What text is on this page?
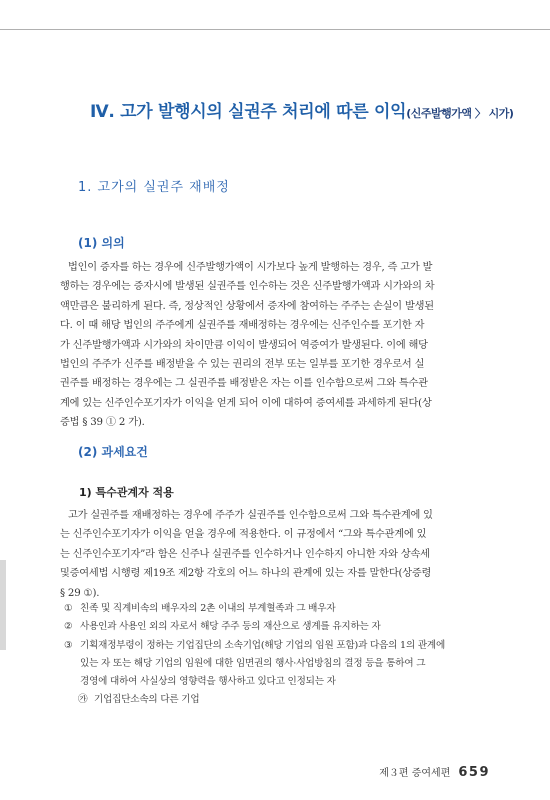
Ⅳ. 고가 발행시의 실권주 처리에 따른 이익(신주발행가액 〉 시가)
1. 고가의 실권주 재배정
(1) 의의
법인이 증자를 하는 경우에 신주발행가액이 시가보다 높게 발행하는 경우, 즉 고가 발
행하는 경우에는 증자시에 발생된 실권주를 인수하는 것은 신주발행가액과 시가와의 차
액만큼은 불리하게 된다. 즉, 정상적인 상황에서 증자에 참여하는 주주는 손실이 발생된
다. 이 때 해당 법인의 주주에게 실권주를 재배정하는 경우에는 신주인수를 포기한 자
가 신주발행가액과 시가와의 차이만큼 이익이 발생되어 역증여가 발생된다. 이에 해당
법인의 주주가 신주를 배정받을 수 있는 권리의 전부 또는 일부를 포기한 경우로서 실
권주를 배정하는 경우에는 그 실권주를 배정받은 자는 이를 인수함으로써 그와 특수관
계에 있는 신주인수포기자가 이익을 얻게 되어 이에 대하여 증여세를 과세하게 된다(상
증법 § 39 ① 2 가).
(2) 과세요건
1) 특수관계자 적용
고가 실권주를 재배정하는 경우에 주주가 실권주를 인수함으로써 그와 특수관계에 있
는 신주인수포기자가 이익을 얻을 경우에 적용한다. 이 규정에서 “그와 특수관계에 있
는 신주인수포기자”라 함은 신주나 실권주를 인수하거나 인수하지 아니한 자와 상속세
및증여세법 시행령 제19조 제2항 각호의 어느 하나의 관계에 있는 자를 말한다(상증령
§ 29 ①).
① 친족 및 직계비속의 배우자의 2촌 이내의 부계혈족과 그 배우자
② 사용인과 사용인 외의 자로서 해당 주주 등의 재산으로 생계를 유지하는 자
③ 기획재정부령이 정하는 기업집단의 소속기업(해당 기업의 임원 포함)과 다음의 1의 관계에
있는 자 또는 해당 기업의 임원에 대한 임면권의 행사·사업방침의 결정 등을 통하여 그
경영에 대하여 사실상의 영향력을 행사하고 있다고 인정되는 자
㉮ 기업집단소속의 다른 기업
제３편 증여세편 659
